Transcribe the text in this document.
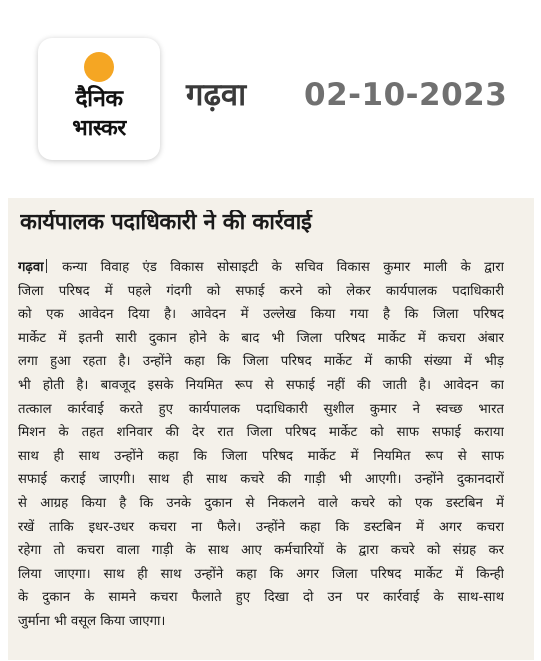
दैनिक
भास्कर
गढ़वा 02-10-2023
कार्यपालक पदाधिकारी ने की कार्रवाई
गढ़वा कन्या विवाह एंड विकास सोसाइटी के सचिव विकास कुमार माली के द्वारा
जिला परिषद में पहले गंदगी को सफाई करने को लेकर कार्यपालक पदाधिकारी
को एक आवेदन दिया है। आवेदन में उल्लेख किया गया है कि जिला परिषद
मार्केट में इतनी सारी दुकान होने के बाद भी जिला परिषद मार्केट में कचरा अंबार
लगा हुआ रहता है। उन्होंने कहा कि जिला परिषद मार्केट में काफी संख्या में भीड़
भी होती है। बावजूद इसके नियमित रूप से सफाई नहीं की जाती है। आवेदन का
तत्काल कार्रवाई करते हुए कार्यपालक पदाधिकारी सुशील कुमार ने स्वच्छ भारत
मिशन के तहत शनिवार की देर रात जिला परिषद मार्केट को साफ सफाई कराया
साथ ही साथ उन्होंने कहा कि जिला परिषद मार्केट में नियमित रूप से साफ
सफाई कराई जाएगी। साथ ही साथ कचरे की गाड़ी भी आएगी। उन्होंने दुकानदारों
से आग्रह किया है कि उनके दुकान से निकलने वाले कचरे को एक डस्टबिन में
रखें ताकि इधर-उधर कचरा ना फैले। उन्होंने कहा कि डस्टबिन में अगर कचरा
रहेगा तो कचरा वाला गाड़ी के साथ आए कर्मचारियों के द्वारा कचरे को संग्रह कर
लिया जाएगा। साथ ही साथ उन्होंने कहा कि अगर जिला परिषद मार्केट में किन्ही
के दुकान के सामने कचरा फैलाते हुए दिखा दो उन पर कार्रवाई के साथ-साथ
जुर्माना भी वसूल किया जाएगा।
